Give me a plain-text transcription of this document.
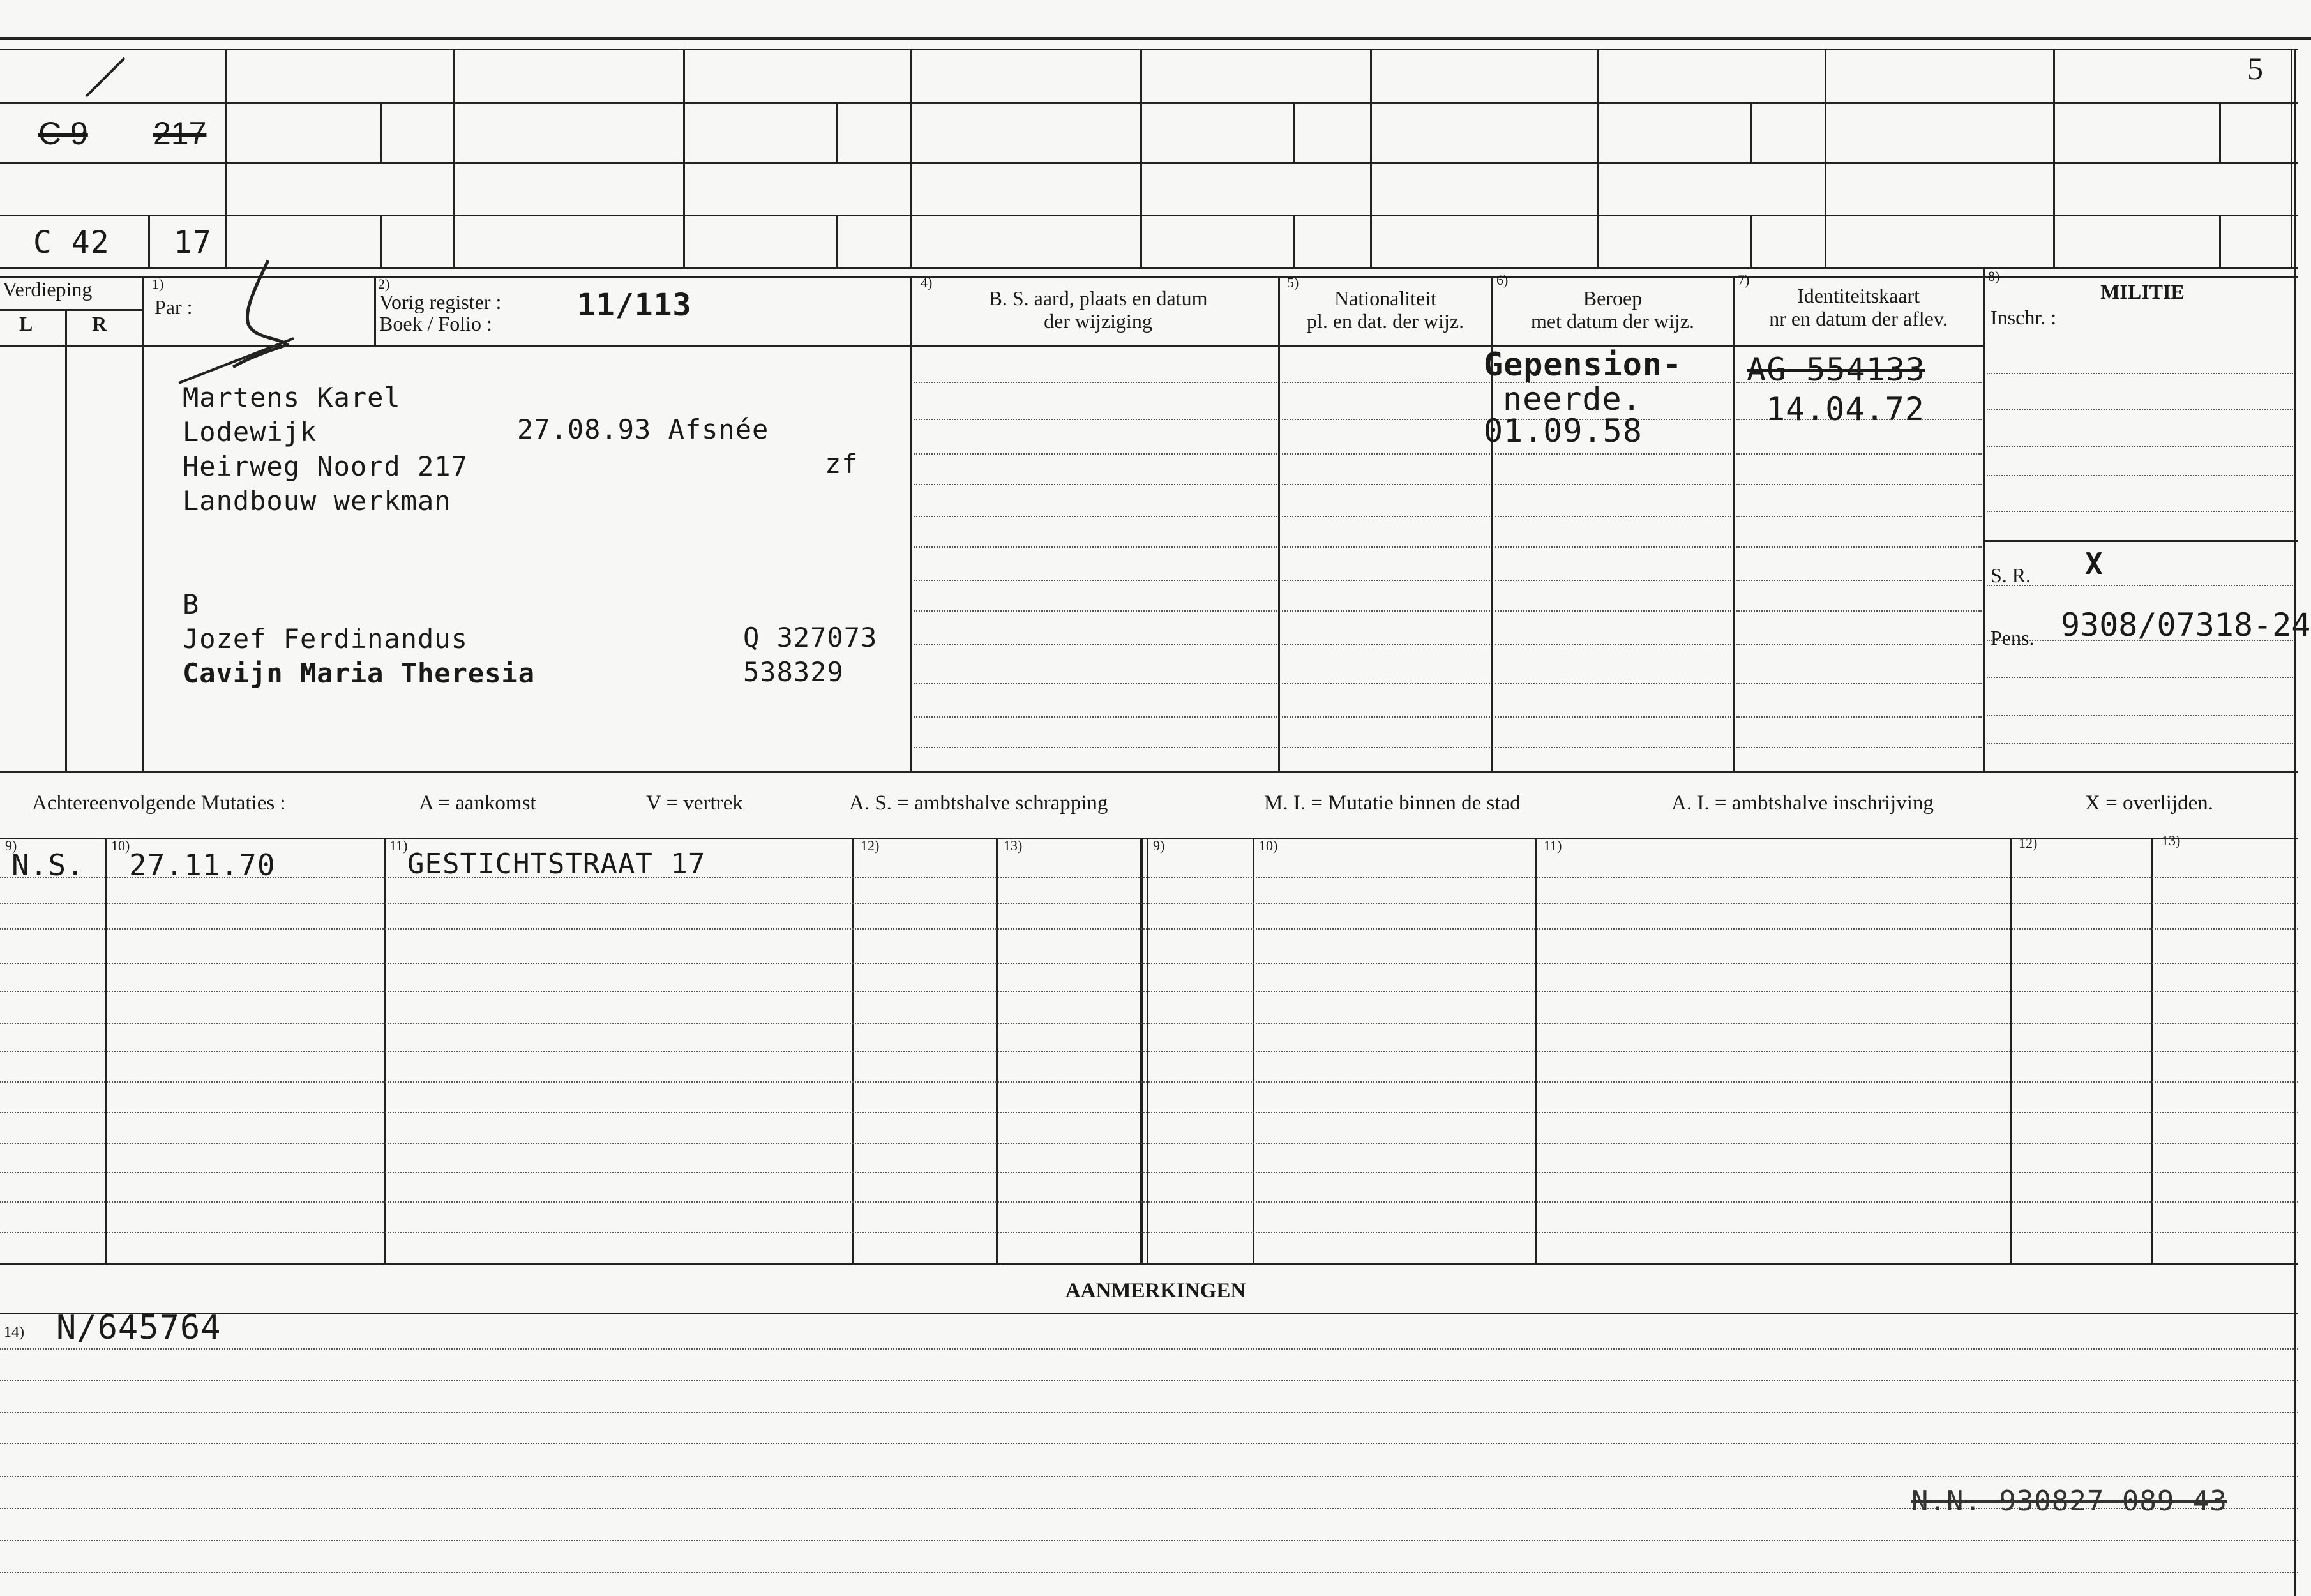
C 9 217
C 42 17
5
Verdieping
L	R
1)
Par :
2)
Vorig register : 11/113
Boek / Folio :
4)
B. S. aard, plaats en datum
der wijziging
5)
Nationaliteit
pl. en dat. der wijz.
6)
Beroep
met datum der wijz.
7)
Identiteitskaart
nr en datum der aflev.
8)
MILITIE
Inschr. :
S. R. X
Pens. 9308/07318-24
Martens Karel
Lodewijk	27.08.93 Afsnée
Heirweg Noord 217	zf
Landbouw werkman
B
Jozef Ferdinandus	Q 327073
Cavijn Maria Theresia	538329
Gepension-
neerde.
01.09.58
AG 554133
14.04.72
Achtereenvolgende Mutaties :	A = aankomst	V = vertrek	A. S. = ambtshalve schrapping	M. I. = Mutatie binnen de stad	A. I. = ambtshalve inschrijving	X = overlijden.
9)	10)	11)	12)	13)	9)	10)	11)	12)	13)
N.S. 27.11.70	GESTICHTSTRAAT 17
AANMERKINGEN
14) N/645764
N.N. 930827 089 43
